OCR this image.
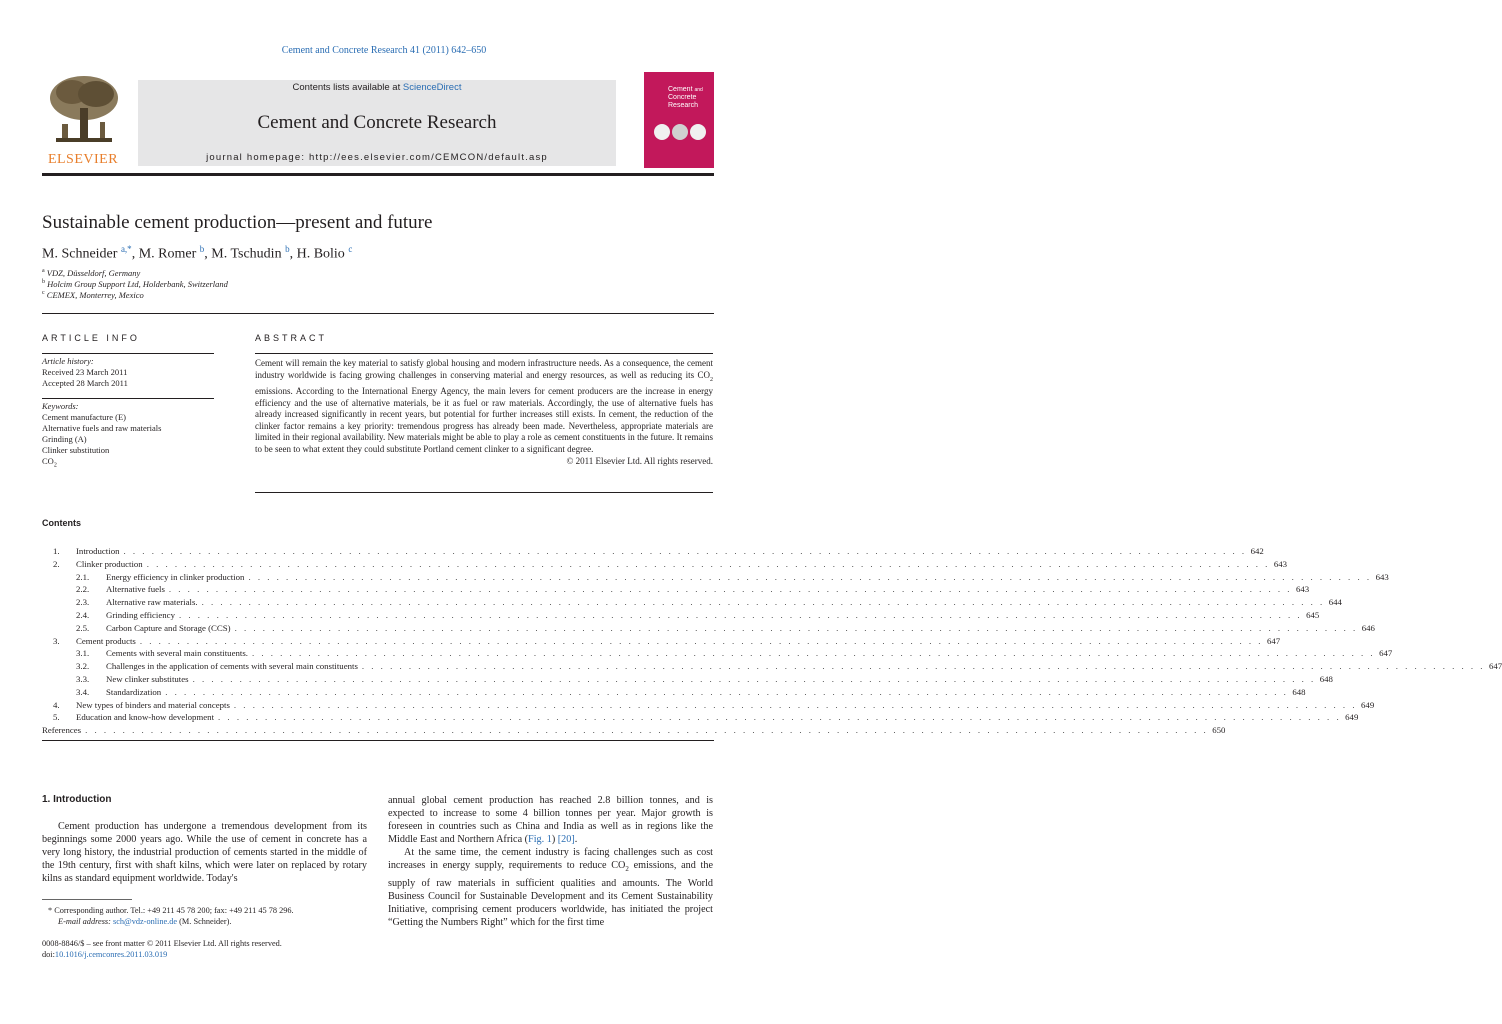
Cement and Concrete Research 41 (2011) 642–650
ELSEVIER
Contents lists available at ScienceDirect
Cement and Concrete Research
journal homepage: http://ees.elsevier.com/CEMCON/default.asp
Cement and
Concrete
Research
Sustainable cement production—present and future
M. Schneider $^{a,*}$, M. Romer $^b$, M. Tschudin $^b$, H. Bolio $^c$
$^a$ VDZ, Düsseldorf, Germany
$^b$ Holcim Group Support Ltd, Holderbank, Switzerland
$^c$ CEMEX, Monterrey, Mexico
ARTICLE INFO
Article history:
Received 23 March 2011
Accepted 28 March 2011
Keywords:
Cement manufacture (E)
Alternative fuels and raw materials
Grinding (A)
Clinker substitution
$CO_2$
ABSTRACT
Cement will remain the key material to satisfy global housing and modern infrastructure needs. As a consequence, the cement industry worldwide is facing growing challenges in conserving material and energy resources, as well as reducing its $CO_2$ emissions. According to the International Energy Agency, the main levers for cement producers are the increase in energy efficiency and the use of alternative materials, be it as fuel or raw materials. Accordingly, the use of alternative fuels has already increased significantly in recent years, but potential for further increases still exists. In cement, the reduction of the clinker factor remains a key priority: tremendous progress has already been made. Nevertheless, appropriate materials are limited in their regional availability. New materials might be able to play a role as cement constituents in the future. It remains to be seen to what extent they could substitute Portland cement clinker to a significant degree.
© 2011 Elsevier Ltd. All rights reserved.
Contents
1.	Introduction . . . . . . . . . . . . . . . . . . . . . . . . . . . . . . . . . . . . . . . . . . . . . . . . . . . . . . . . . . . . . . . . . . . . . . . . . . . . . . . . . . . . . . . . . . . . . . . . . . . . . . . . . . . . . . . . . . . . . . . . 642
2.	Clinker production . . . . . . . . . . . . . . . . . . . . . . . . . . . . . . . . . . . . . . . . . . . . . . . . . . . . . . . . . . . . . . . . . . . . . . . . . . . . . . . . . . . . . . . . . . . . . . . . . . . . . . . . . . . . . . . . . . . . . . . . 643
2.1.	Energy efficiency in clinker production . . . . . . . . . . . . . . . . . . . . . . . . . . . . . . . . . . . . . . . . . . . . . . . . . . . . . . . . . . . . . . . . . . . . . . . . . . . . . . . . . . . . . . . . . . . . . . . . . . . . . . . . . . . . . . . . . . . . . . . . 643
2.2.	Alternative fuels . . . . . . . . . . . . . . . . . . . . . . . . . . . . . . . . . . . . . . . . . . . . . . . . . . . . . . . . . . . . . . . . . . . . . . . . . . . . . . . . . . . . . . . . . . . . . . . . . . . . . . . . . . . . . . . . . . . . . . . . 643
2.3.	Alternative raw materials. . . . . . . . . . . . . . . . . . . . . . . . . . . . . . . . . . . . . . . . . . . . . . . . . . . . . . . . . . . . . . . . . . . . . . . . . . . . . . . . . . . . . . . . . . . . . . . . . . . . . . . . . . . . . . . . . . . . . . . . . 644
2.4.	Grinding efficiency . . . . . . . . . . . . . . . . . . . . . . . . . . . . . . . . . . . . . . . . . . . . . . . . . . . . . . . . . . . . . . . . . . . . . . . . . . . . . . . . . . . . . . . . . . . . . . . . . . . . . . . . . . . . . . . . . . . . . . . . 645
2.5.	Carbon Capture and Storage (CCS) . . . . . . . . . . . . . . . . . . . . . . . . . . . . . . . . . . . . . . . . . . . . . . . . . . . . . . . . . . . . . . . . . . . . . . . . . . . . . . . . . . . . . . . . . . . . . . . . . . . . . . . . . . . . . . . . . . . . . . . . 646
3.	Cement products . . . . . . . . . . . . . . . . . . . . . . . . . . . . . . . . . . . . . . . . . . . . . . . . . . . . . . . . . . . . . . . . . . . . . . . . . . . . . . . . . . . . . . . . . . . . . . . . . . . . . . . . . . . . . . . . . . . . . . . . 647
3.1.	Cements with several main constituents. . . . . . . . . . . . . . . . . . . . . . . . . . . . . . . . . . . . . . . . . . . . . . . . . . . . . . . . . . . . . . . . . . . . . . . . . . . . . . . . . . . . . . . . . . . . . . . . . . . . . . . . . . . . . . . . . . . . . . . . . 647
3.2.	Challenges in the application of cements with several main constituents . . . . . . . . . . . . . . . . . . . . . . . . . . . . . . . . . . . . . . . . . . . . . . . . . . . . . . . . . . . . . . . . . . . . . . . . . . . . . . . . . . . . . . . . . . . . . . . . . . . . . . . . . . . . . . . . . . . . . . . . 647
3.3.	New clinker substitutes . . . . . . . . . . . . . . . . . . . . . . . . . . . . . . . . . . . . . . . . . . . . . . . . . . . . . . . . . . . . . . . . . . . . . . . . . . . . . . . . . . . . . . . . . . . . . . . . . . . . . . . . . . . . . . . . . . . . . . . . 648
3.4.	Standardization . . . . . . . . . . . . . . . . . . . . . . . . . . . . . . . . . . . . . . . . . . . . . . . . . . . . . . . . . . . . . . . . . . . . . . . . . . . . . . . . . . . . . . . . . . . . . . . . . . . . . . . . . . . . . . . . . . . . . . . . 648
4.	New types of binders and material concepts . . . . . . . . . . . . . . . . . . . . . . . . . . . . . . . . . . . . . . . . . . . . . . . . . . . . . . . . . . . . . . . . . . . . . . . . . . . . . . . . . . . . . . . . . . . . . . . . . . . . . . . . . . . . . . . . . . . . . . . . 649
5.	Education and know-how development . . . . . . . . . . . . . . . . . . . . . . . . . . . . . . . . . . . . . . . . . . . . . . . . . . . . . . . . . . . . . . . . . . . . . . . . . . . . . . . . . . . . . . . . . . . . . . . . . . . . . . . . . . . . . . . . . . . . . . . . 649
References . . . . . . . . . . . . . . . . . . . . . . . . . . . . . . . . . . . . . . . . . . . . . . . . . . . . . . . . . . . . . . . . . . . . . . . . . . . . . . . . . . . . . . . . . . . . . . . . . . . . . . . . . . . . . . . . . . . . . . . . 650
1. Introduction
Cement production has undergone a tremendous development from its beginnings some 2000 years ago. While the use of cement in concrete has a very long history, the industrial production of cements started in the middle of the 19th century, first with shaft kilns, which were later on replaced by rotary kilns as standard equipment worldwide. Today's
annual global cement production has reached 2.8 billion tonnes, and is expected to increase to some 4 billion tonnes per year. Major growth is foreseen in countries such as China and India as well as in regions like the Middle East and Northern Africa (Fig. 1) [20].
At the same time, the cement industry is facing challenges such as cost increases in energy supply, requirements to reduce $CO_2$ emissions, and the supply of raw materials in sufficient qualities and amounts. The World Business Council for Sustainable Development and its Cement Sustainability Initiative, comprising cement producers worldwide, has initiated the project “Getting the Numbers Right” which for the first time
* Corresponding author. Tel.: +49 211 45 78 200; fax: +49 211 45 78 296.
E-mail address: sch@vdz-online.de (M. Schneider).
0008-8846/$ – see front matter © 2011 Elsevier Ltd. All rights reserved.
doi:10.1016/j.cemconres.2011.03.019
